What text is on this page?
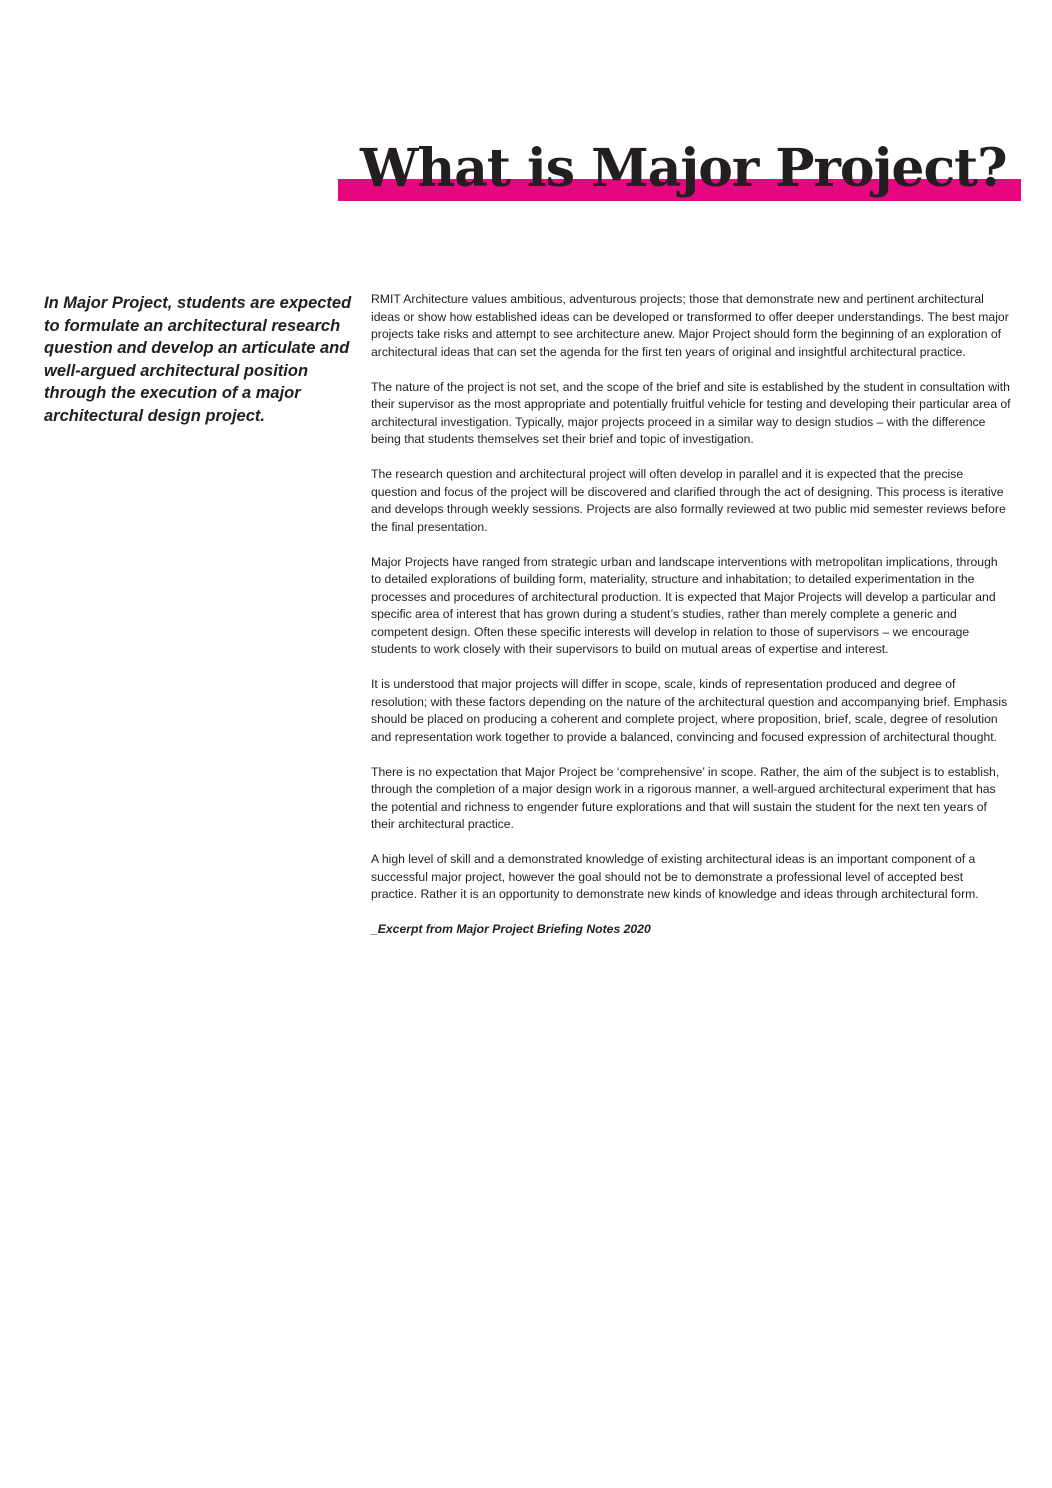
What is Major Project?

In Major Project, students are expected to formulate an architectural research question and develop an articulate and well-argued architectural position through the execution of a major architectural design project.

RMIT Architecture values ambitious, adventurous projects; those that demonstrate new and pertinent architectural ideas or show how established ideas can be developed or transformed to offer deeper understandings. The best major projects take risks and attempt to see architecture anew. Major Project should form the beginning of an exploration of architectural ideas that can set the agenda for the first ten years of original and insightful architectural practice.

The nature of the project is not set, and the scope of the brief and site is established by the student in consultation with their supervisor as the most appropriate and potentially fruitful vehicle for testing and developing their particular area of architectural investigation. Typically, major projects proceed in a similar way to design studios – with the difference being that students themselves set their brief and topic of investigation.

The research question and architectural project will often develop in parallel and it is expected that the precise question and focus of the project will be discovered and clarified through the act of designing. This process is iterative and develops through weekly sessions. Projects are also formally reviewed at two public mid semester reviews before the final presentation.

Major Projects have ranged from strategic urban and landscape interventions with metropolitan implications, through to detailed explorations of building form, materiality, structure and inhabitation; to detailed experimentation in the processes and procedures of architectural production. It is expected that Major Projects will develop a particular and specific area of interest that has grown during a student’s studies, rather than merely complete a generic and competent design. Often these specific interests will develop in relation to those of supervisors – we encourage students to work closely with their supervisors to build on mutual areas of expertise and interest.

It is understood that major projects will differ in scope, scale, kinds of representation produced and degree of resolution; with these factors depending on the nature of the architectural question and accompanying brief. Emphasis should be placed on producing a coherent and complete project, where proposition, brief, scale, degree of resolution and representation work together to provide a balanced, convincing and focused expression of architectural thought.

There is no expectation that Major Project be ‘comprehensive’ in scope. Rather, the aim of the subject is to establish, through the completion of a major design work in a rigorous manner, a well-argued architectural experiment that has the potential and richness to engender future explorations and that will sustain the student for the next ten years of their architectural practice.

A high level of skill and a demonstrated knowledge of existing architectural ideas is an important component of a successful major project, however the goal should not be to demonstrate a professional level of accepted best practice. Rather it is an opportunity to demonstrate new kinds of knowledge and ideas through architectural form.

_Excerpt from Major Project Briefing Notes 2020
